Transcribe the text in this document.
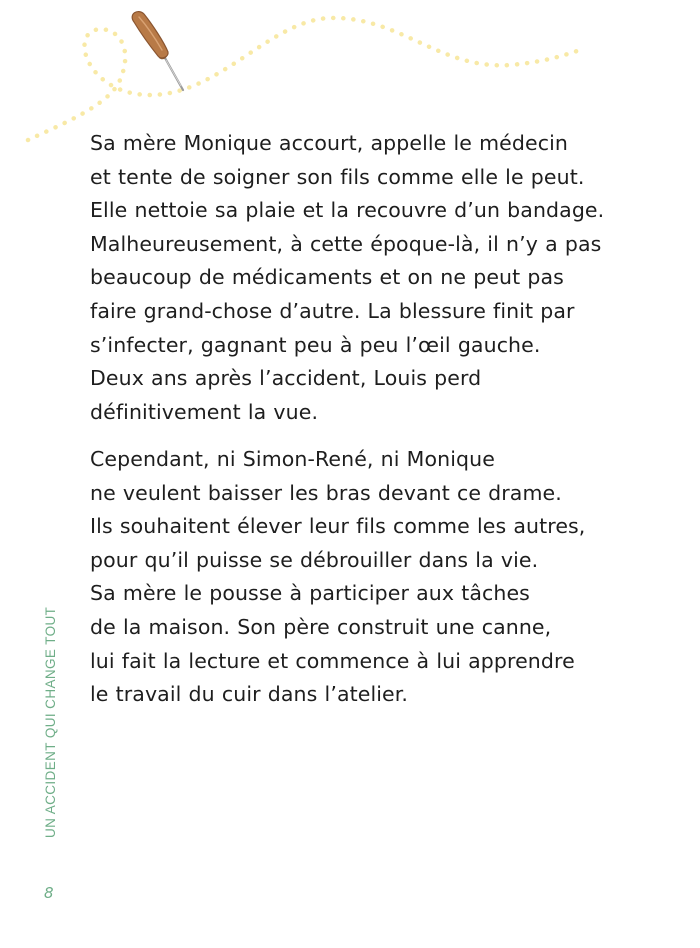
Sa mère Monique accourt, appelle le médecin
et tente de soigner son fils comme elle le peut.
Elle nettoie sa plaie et la recouvre d’un bandage.
Malheureusement, à cette époque-là, il n’y a pas
beaucoup de médicaments et on ne peut pas
faire grand-chose d’autre. La blessure finit par
s’infecter, gagnant peu à peu l’œil gauche.
Deux ans après l’accident, Louis perd
définitivement la vue.
Cependant, ni Simon-René, ni Monique
ne veulent baisser les bras devant ce drame.
Ils souhaitent élever leur fils comme les autres,
pour qu’il puisse se débrouiller dans la vie.
Sa mère le pousse à participer aux tâches
de la maison. Son père construit une canne,
lui fait la lecture et commence à lui apprendre
le travail du cuir dans l’atelier.
UN ACCIDENT QUI CHANGE TOUT
8
